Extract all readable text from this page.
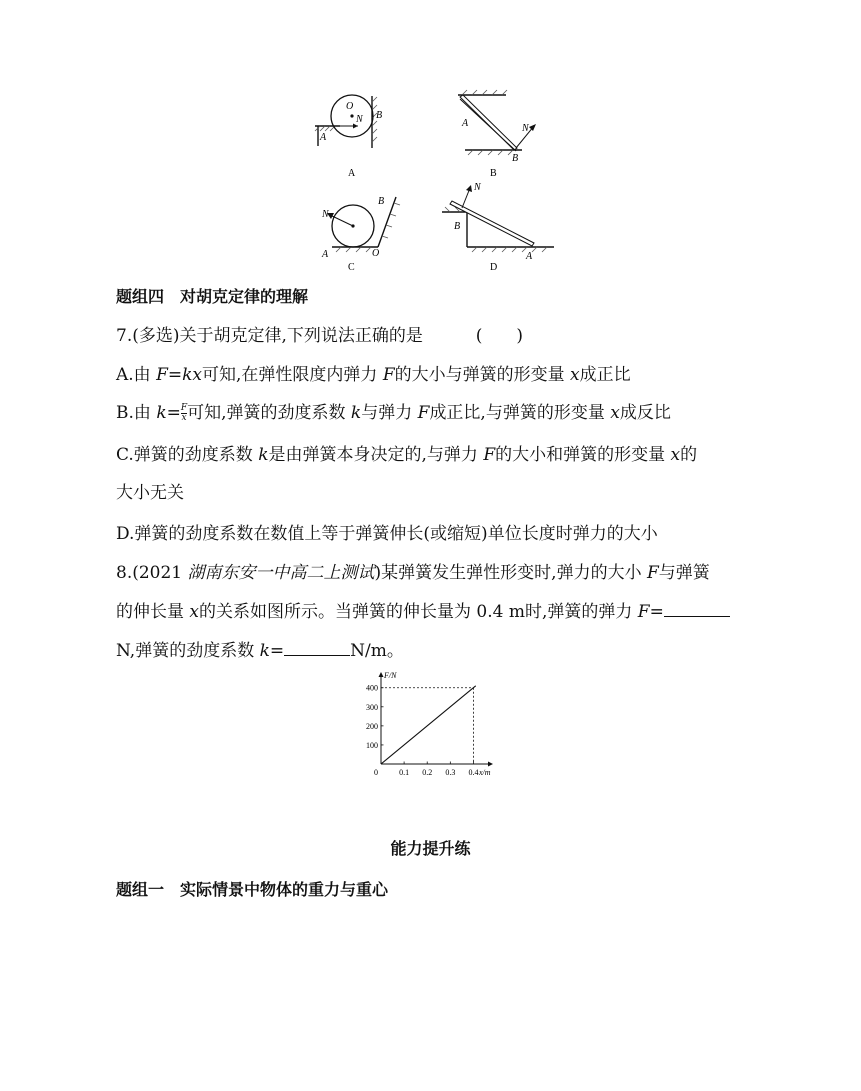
O
N
A
B
A
A
B
N
B
N
A
B
O
C
N
B
A
D
题组四　对胡克定律的理解
7.(多选)关于胡克定律,下列说法正确的是	(　　)
A.由 F=kx可知,在弹性限度内弹力 F的大小与弹簧的形变量 x成正比
B.由 $k= \frac{F}{x}$ 可知,弹簧的劲度系数 k与弹力 F成正比,与弹簧的形变量 x成反比
C.弹簧的劲度系数 k是由弹簧本身决定的,与弹力 F的大小和弹簧的形变量 x的
大小无关
D.弹簧的劲度系数在数值上等于弹簧伸长(或缩短)单位长度时弹力的大小
8.(2021 湖南东安一中高二上测试)某弹簧发生弹性形变时,弹力的大小 F与弹簧
的伸长量 x的关系如图所示。当弹簧的伸长量为 0.4 m时,弹簧的弹力 F=
N,弹簧的劲度系数 k=	N/m。
F/N
x/m
0	0.1 0.2 0.3 0.4
100
200
300
400
能力提升练
题组一　实际情景中物体的重力与重心
